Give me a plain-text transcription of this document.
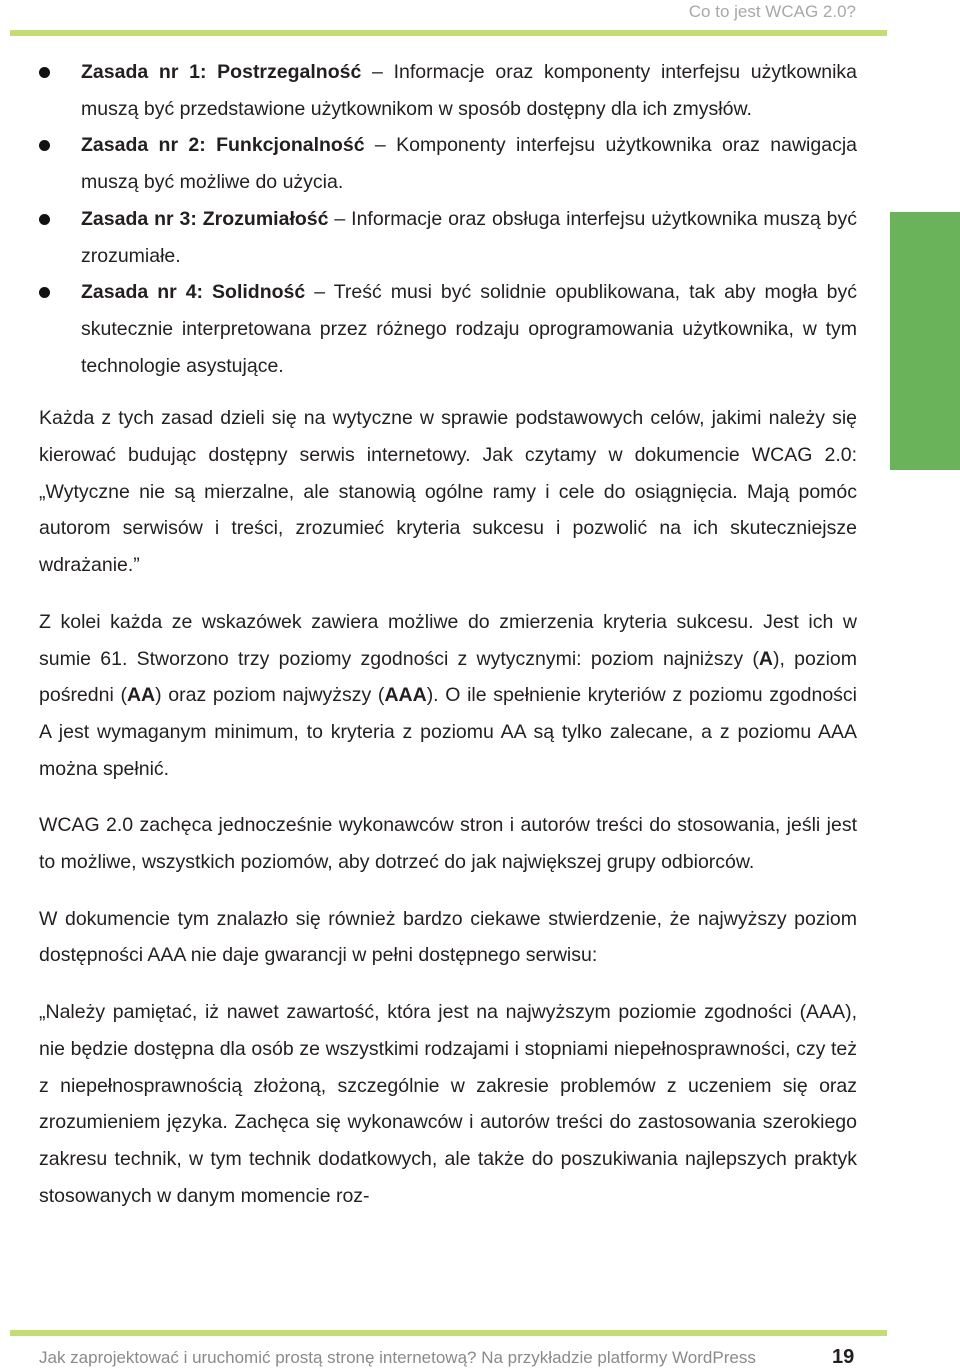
Co to jest WCAG 2.0?
Zasada nr 1: Postrzegalność – Informacje oraz komponenty interfejsu użytkownika muszą być przedstawione użytkownikom w sposób dostępny dla ich zmysłów.
Zasada nr 2: Funkcjonalność – Komponenty interfejsu użytkownika oraz nawigacja muszą być możliwe do użycia.
Zasada nr 3: Zrozumiałość – Informacje oraz obsługa interfejsu użytkownika muszą być zrozumiałe.
Zasada nr 4: Solidność – Treść musi być solidnie opublikowana, tak aby mogła być skutecznie interpretowana przez różnego rodzaju oprogramowania użytkownika, w tym technologie asystujące.

Każda z tych zasad dzieli się na wytyczne w sprawie podstawowych celów, jakimi należy się kierować budując dostępny serwis internetowy. Jak czytamy w dokumencie WCAG 2.0: „Wytyczne nie są mierzalne, ale stanowią ogólne ramy i cele do osiągnięcia. Mają pomóc autorom serwisów i treści, zrozumieć kryteria sukcesu i pozwolić na ich skuteczniejsze wdrażanie.”

Z kolei każda ze wskazówek zawiera możliwe do zmierzenia kryteria sukcesu. Jest ich w sumie 61. Stworzono trzy poziomy zgodności z wytycznymi: poziom najniższy (A), poziom pośredni (AA) oraz poziom najwyższy (AAA). O ile spełnienie kryteriów z poziomu zgodności A jest wymaganym minimum, to kryteria z poziomu AA są tylko zalecane, a z poziomu AAA można spełnić.

WCAG 2.0 zachęca jednocześnie wykonawców stron i autorów treści do stosowania, jeśli jest to możliwe, wszystkich poziomów, aby dotrzeć do jak największej grupy odbiorców.

W dokumencie tym znalazło się również bardzo ciekawe stwierdzenie, że najwyższy poziom dostępności AAA nie daje gwarancji w pełni dostępnego serwisu:

„Należy pamiętać, iż nawet zawartość, która jest na najwyższym poziomie zgodności (AAA), nie będzie dostępna dla osób ze wszystkimi rodzajami i stopniami niepełnosprawności, czy też z niepełnosprawnością złożoną, szczególnie w zakresie problemów z uczeniem się oraz zrozumieniem języka. Zachęca się wykonawców i autorów treści do zastosowania szerokiego zakresu technik, w tym technik dodatkowych, ale także do poszukiwania najlepszych praktyk stosowanych w danym momencie roz-

Jak zaprojektować i uruchomić prostą stronę internetową? Na przykładzie platformy WordPress	19
